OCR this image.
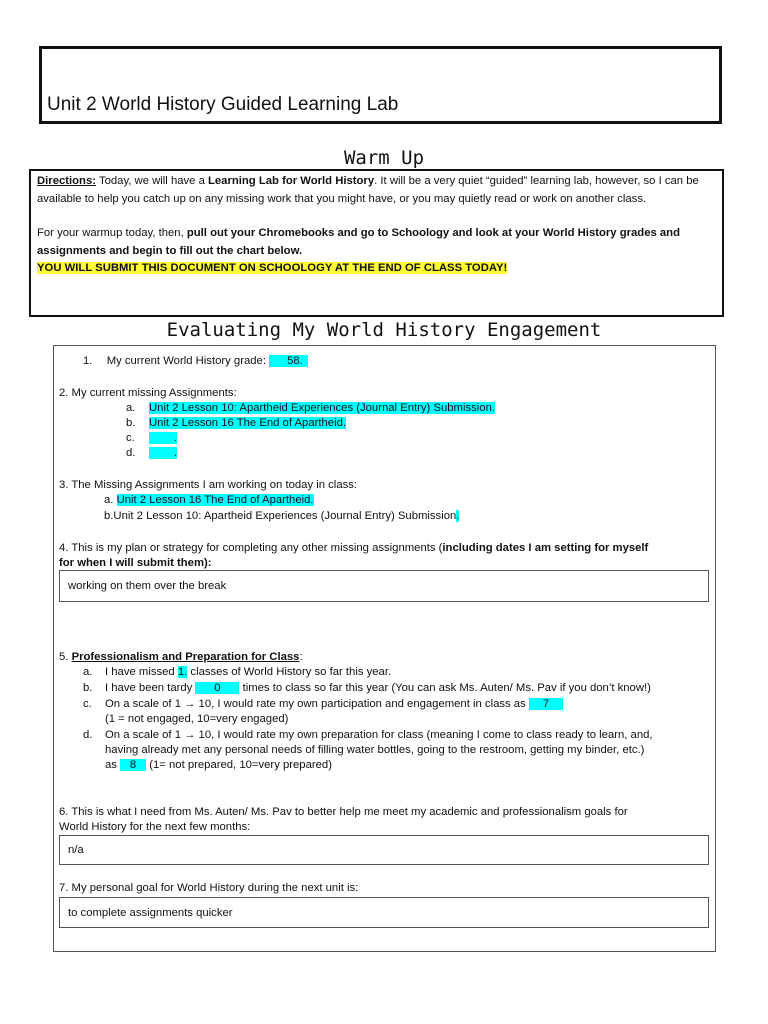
Unit 2 World History Guided Learning Lab
Warm Up
Directions: Today, we will have a Learning Lab for World History. It will be a very quiet “guided” learning lab, however, so I can be available to help you catch up on any missing work that you might have, or you may quietly read or work on another class.
For your warmup today, then, pull out your Chromebooks and go to Schoology and look at your World History grades and assignments and begin to fill out the chart below.
YOU WILL SUBMIT THIS DOCUMENT ON SCHOOLOGY AT THE END OF CLASS TODAY!
Evaluating My World History Engagement
1. My current World History grade: 58.
2. My current missing Assignments:
a. Unit 2 Lesson 10: Apartheid Experiences (Journal Entry) Submission.
b. Unit 2 Lesson 16 The End of Apartheid.
c.	.
d.	.
3. The Missing Assignments I am working on today in class:
a. Unit 2 Lesson 16 The End of Apartheid.
b.Unit 2 Lesson 10: Apartheid Experiences (Journal Entry) Submission.
4. This is my plan or strategy for completing any other missing assignments (including dates I am setting for myself
for when I will submit them):
working on them over the break
5. Professionalism and Preparation for Class:
a. I have missed 1. classes of World History so far this year.
b. I have been tardy 0 times to class so far this year (You can ask Ms. Auten/ Ms. Pav if you don’t know!)
c. On a scale of 1 → 10, I would rate my own participation and engagement in class as 7
(1 = not engaged, 10=very engaged)
d. On a scale of 1 → 10, I would rate my own preparation for class (meaning I come to class ready to learn, and,
having already met any personal needs of filling water bottles, going to the restroom, getting my binder, etc.)
as 8 (1= not prepared, 10=very prepared)
6. This is what I need from Ms. Auten/ Ms. Pav to better help me meet my academic and professionalism goals for
World History for the next few months:
n/a
7. My personal goal for World History during the next unit is:
to complete assignments quicker
